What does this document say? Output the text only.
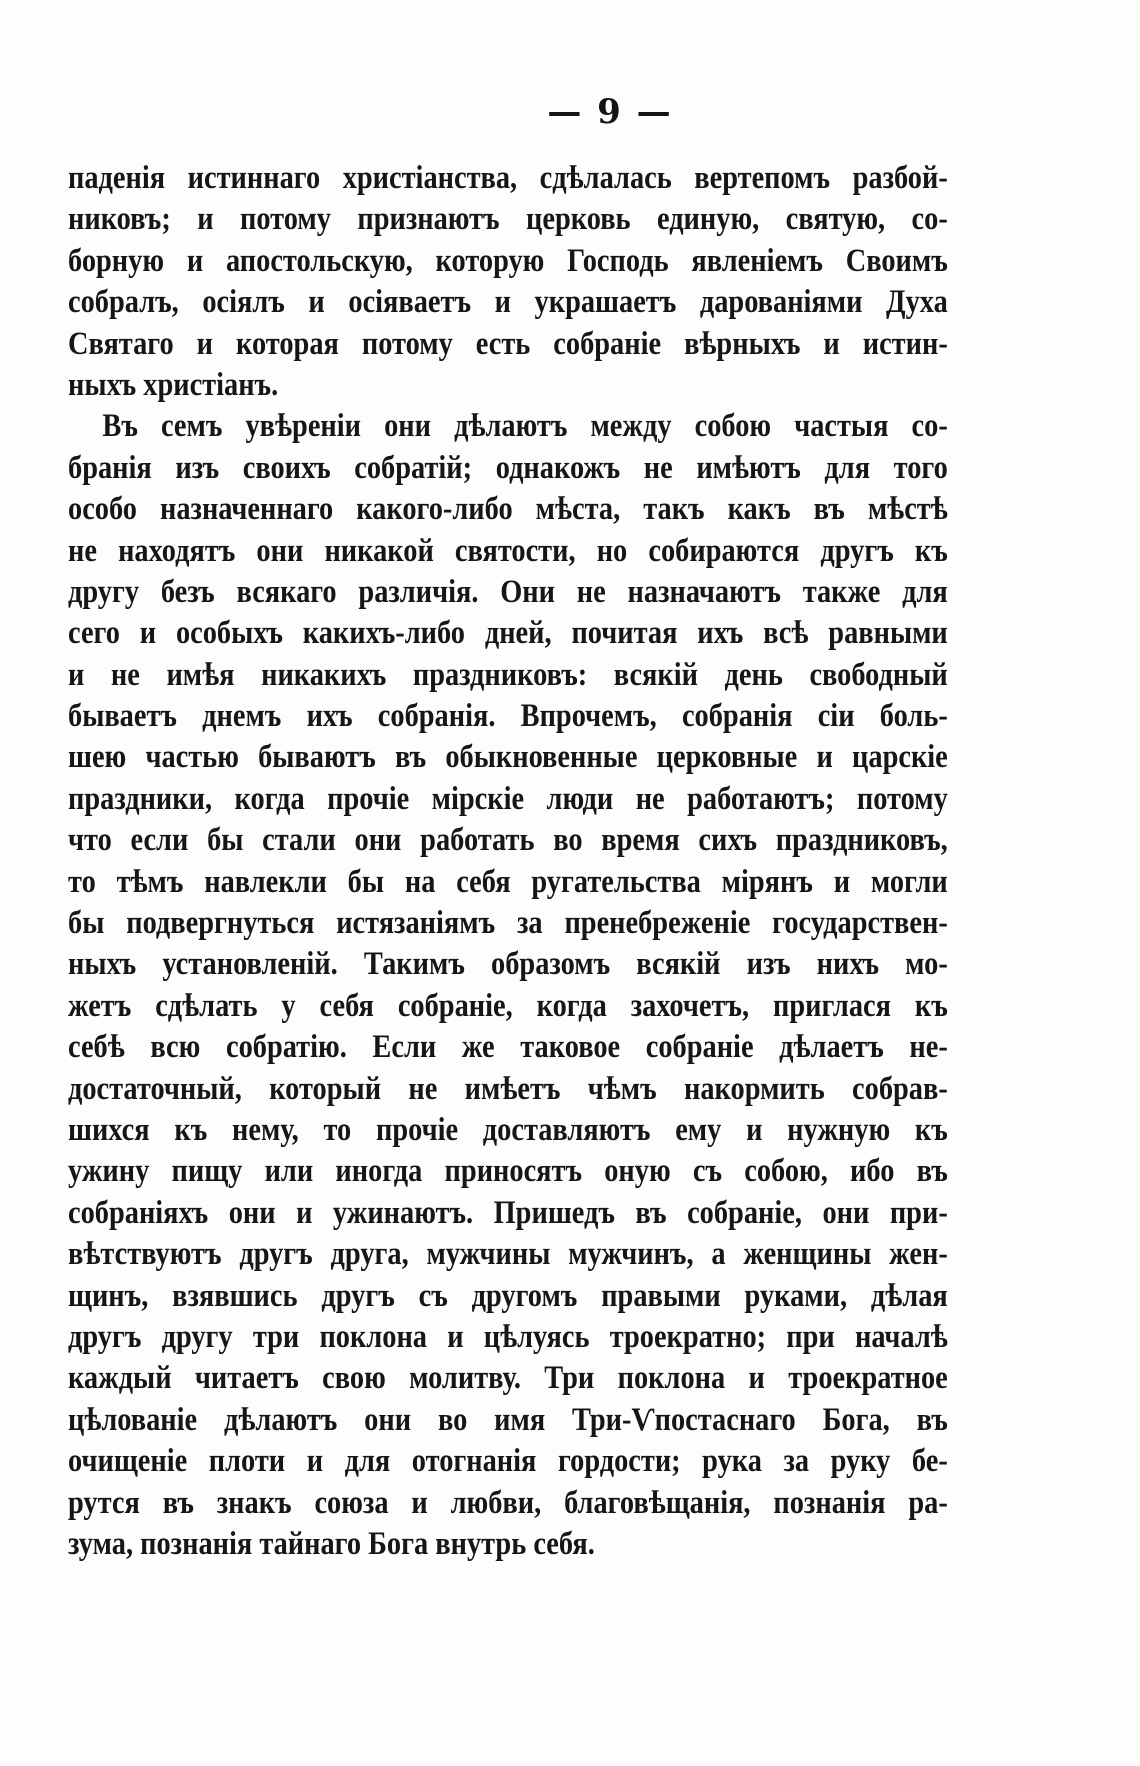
— 9 —
паденія истиннаго христіанства, сдѣлалась вертепомъ разбой-
никовъ; и потому признаютъ церковь единую, святую, со-
борную и апостольскую, которую Господь явленіемъ Своимъ
собралъ, осіялъ и осіяваетъ и украшаетъ дарованіями Духа
Святаго и которая потому есть собраніе вѣрныхъ и истин-
ныхъ христіанъ.
Въ семъ увѣреніи они дѣлаютъ между собою частыя со-
бранія изъ своихъ собратій; однакожъ не имѣютъ для того
особо назначеннаго какого-либо мѣста, такъ какъ въ мѣстѣ
не находятъ они никакой святости, но собираются другъ къ
другу безъ всякаго различія. Они не назначаютъ также для
сего и особыхъ какихъ-либо дней, почитая ихъ всѣ равными
и не имѣя никакихъ праздниковъ: всякій день свободный
бываетъ днемъ ихъ собранія. Впрочемъ, собранія сіи боль-
шею частью бываютъ въ обыкновенные церковные и царскіе
праздники, когда прочіе мірскіе люди не работаютъ; потому
что если бы стали они работать во время сихъ праздниковъ,
то тѣмъ навлекли бы на себя ругательства мірянъ и могли
бы подвергнуться истязаніямъ за пренебреженіе государствен-
ныхъ установленій. Такимъ образомъ всякій изъ нихъ мо-
жетъ сдѣлать у себя собраніе, когда захочетъ, приглася къ
себѣ всю собратію. Если же таковое собраніе дѣлаетъ не-
достаточный, который не имѣетъ чѣмъ накормить собрав-
шихся къ нему, то прочіе доставляютъ ему и нужную къ
ужину пищу или иногда приносятъ оную съ собою, ибо въ
собраніяхъ они и ужинаютъ. Пришедъ въ собраніе, они при-
вѣтствуютъ другъ друга, мужчины мужчинъ, а женщины жен-
щинъ, взявшись другъ съ другомъ правыми руками, дѣлая
другъ другу три поклона и цѣлуясь троекратно; при началѣ
каждый читаетъ свою молитву. Три поклона и троекратное
цѣлованіе дѣлаютъ они во имя Три-Ѵпостаснаго Бога, въ
очищеніе плоти и для отогнанія гордости; рука за руку бе-
рутся въ знакъ союза и любви, благовѣщанія, познанія ра-
зума, познанія тайнаго Бога внутрь себя.
